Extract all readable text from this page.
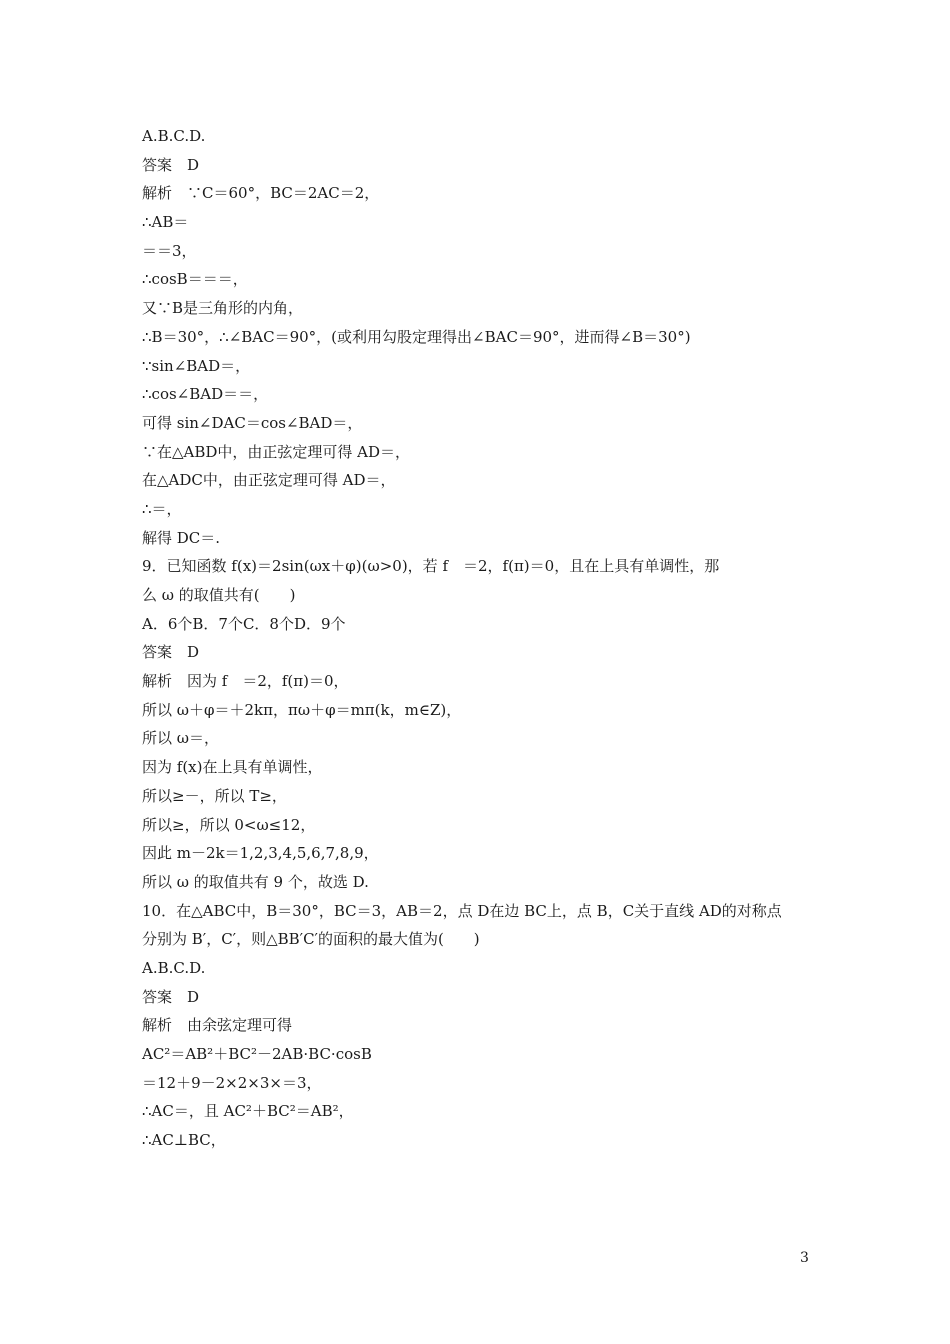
A.B.C.D.
答案　D
解析　∵C＝60°，BC＝2AC＝2，
∴AB＝
＝＝3，
∴cosB＝＝＝，
又∵B是三角形的内角，
∴B＝30°，∴∠BAC＝90°，(或利用勾股定理得出∠BAC＝90°，进而得∠B＝30°)
∵sin∠BAD＝，
∴cos∠BAD＝＝，
可得 sin∠DAC＝cos∠BAD＝，
∵在△ABD中，由正弦定理可得 AD＝，
在△ADC中，由正弦定理可得 AD＝，
∴＝，
解得 DC＝.
9．已知函数 f(x)＝2sin(ωx＋φ)(ω>0)，若 f　＝2，f(π)＝0，且在上具有单调性，那
么 ω 的取值共有(　　)
A．6个B．7个C．8个D．9个
答案　D
解析　因为 f　＝2，f(π)＝0，
所以 ω＋φ＝＋2kπ，πω＋φ＝mπ(k，m∈Z)，
所以 ω＝，
因为 f(x)在上具有单调性，
所以≥－，所以 T≥，
所以≥，所以 0<ω≤12，
因此 m－2k＝1,2,3,4,5,6,7,8,9，
所以 ω 的取值共有 9 个，故选 D.
10．在△ABC中，B＝30°，BC＝3，AB＝2，点 D在边 BC上，点 B，C关于直线 AD的对称点
分别为 B′，C′，则△BB′C′的面积的最大值为(　　)
A.B.C.D.
答案　D
解析　由余弦定理可得
AC²＝AB²＋BC²－2AB·BC·cosB
＝12＋9－2×2×3×＝3，
∴AC＝，且 AC²＋BC²＝AB²，
∴AC⊥BC，
3
